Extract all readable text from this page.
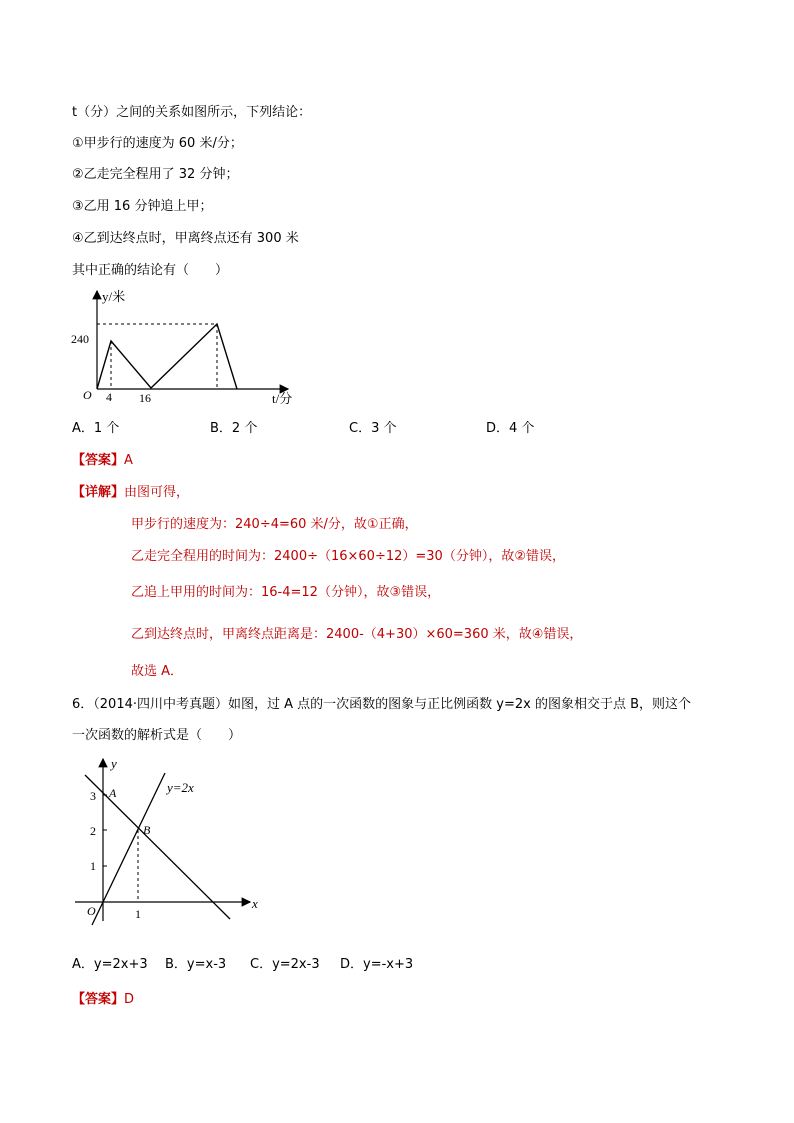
t（分）之间的关系如图所示，下列结论：
①甲步行的速度为 60 米/分；
②乙走完全程用了 32 分钟；
③乙用 16 分钟追上甲；
④乙到达终点时，甲离终点还有 300 米
其中正确的结论有（　　）
y/米
240
O 4 16	t/分
A．1 个	B．2 个	C．3 个	D．4 个
【答案】A
【详解】由图可得，
甲步行的速度为：240÷4=60 米/分，故①正确，
乙走完全程用的时间为：2400÷（16×60÷12）=30（分钟），故②错误，
乙追上甲用的时间为：16-4=12（分钟），故③错误，
乙到达终点时，甲离终点距离是：2400-（4+30）×60=360 米，故④错误，
故选 A．
6．（2014·四川中考真题）如图，过 A 点的一次函数的图象与正比例函数 y=2x 的图象相交于点 B，则这个
一次函数的解析式是（　　）
y
y=2x
A
B
3
2
1
O	1
x
A．y=2x+3 B．y=x-3 C．y=2x-3 D．y=-x+3
【答案】D
